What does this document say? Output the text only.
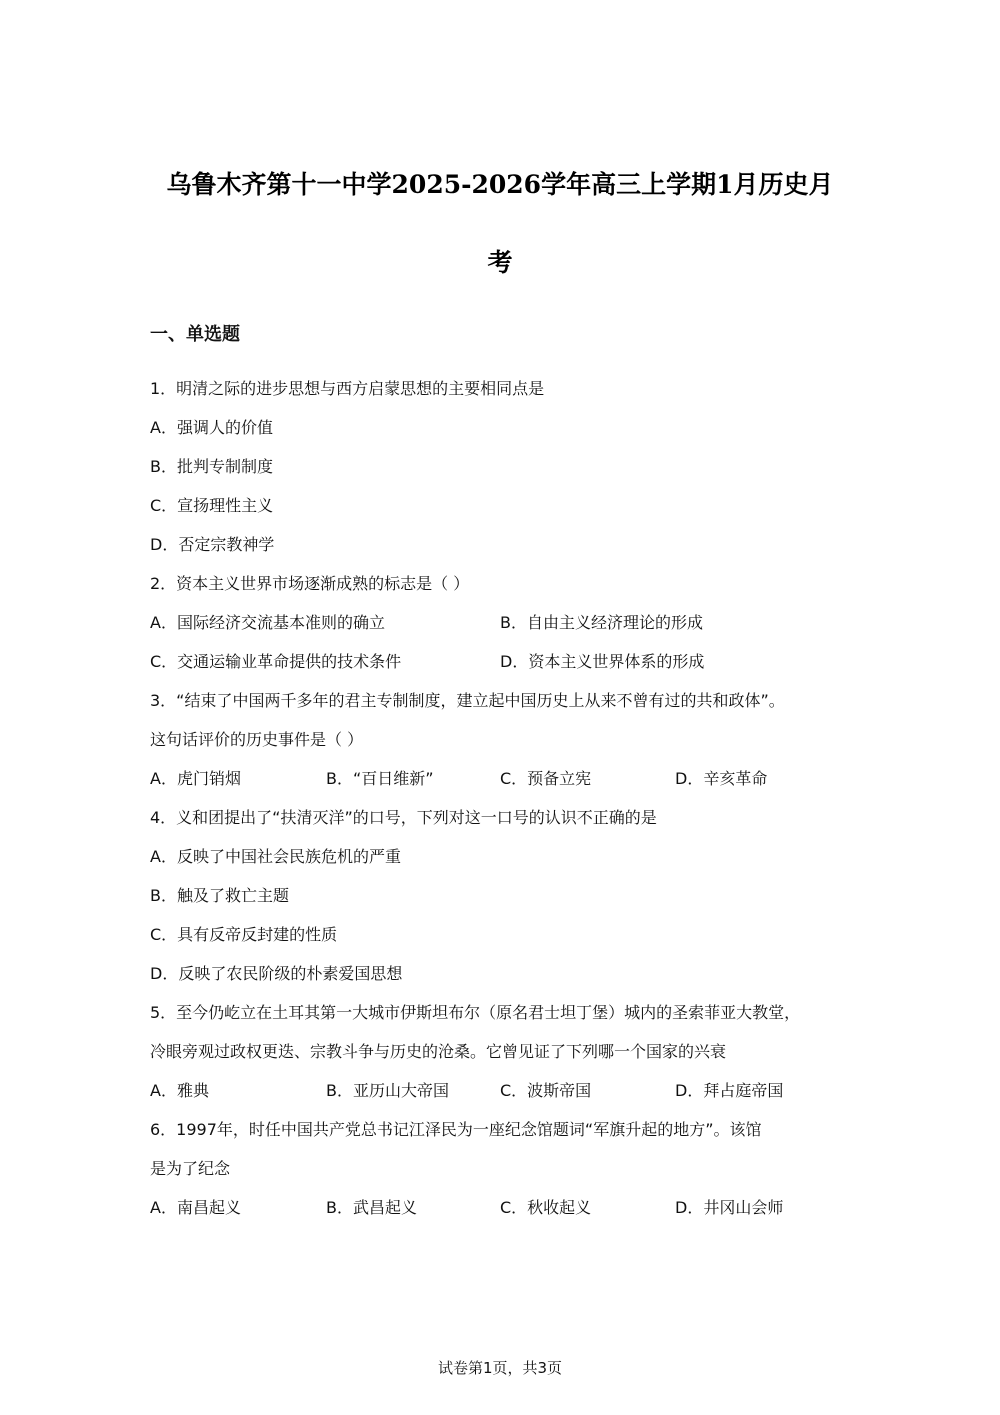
乌鲁木齐第十一中学2025-2026学年高三上学期1月历史月
考
一、单选题
1．明清之际的进步思想与西方启蒙思想的主要相同点是
A．强调人的价值
B．批判专制制度
C．宣扬理性主义
D．否定宗教神学
2．资本主义世界市场逐渐成熟的标志是（ ）
A．国际经济交流基本准则的确立	B．自由主义经济理论的形成
C．交通运输业革命提供的技术条件	D．资本主义世界体系的形成
3．“结束了中国两千多年的君主专制制度，建立起中国历史上从来不曾有过的共和政体”。
这句话评价的历史事件是（ ）
A．虎门销烟	B．“百日维新”	C．预备立宪	D．辛亥革命
4．义和团提出了“扶清灭洋”的口号，下列对这一口号的认识不正确的是
A．反映了中国社会民族危机的严重
B．触及了救亡主题
C．具有反帝反封建的性质
D．反映了农民阶级的朴素爱国思想
5．至今仍屹立在土耳其第一大城市伊斯坦布尔（原名君士坦丁堡）城内的圣索菲亚大教堂，
冷眼旁观过政权更迭、宗教斗争与历史的沧桑。它曾见证了下列哪一个国家的兴衰
A．雅典	B．亚历山大帝国	C．波斯帝国	D．拜占庭帝国
6．1997年，时任中国共产党总书记江泽民为一座纪念馆题词“军旗升起的地方”。该馆
是为了纪念
A．南昌起义	B．武昌起义	C．秋收起义	D．井冈山会师
试卷第1页，共3页
